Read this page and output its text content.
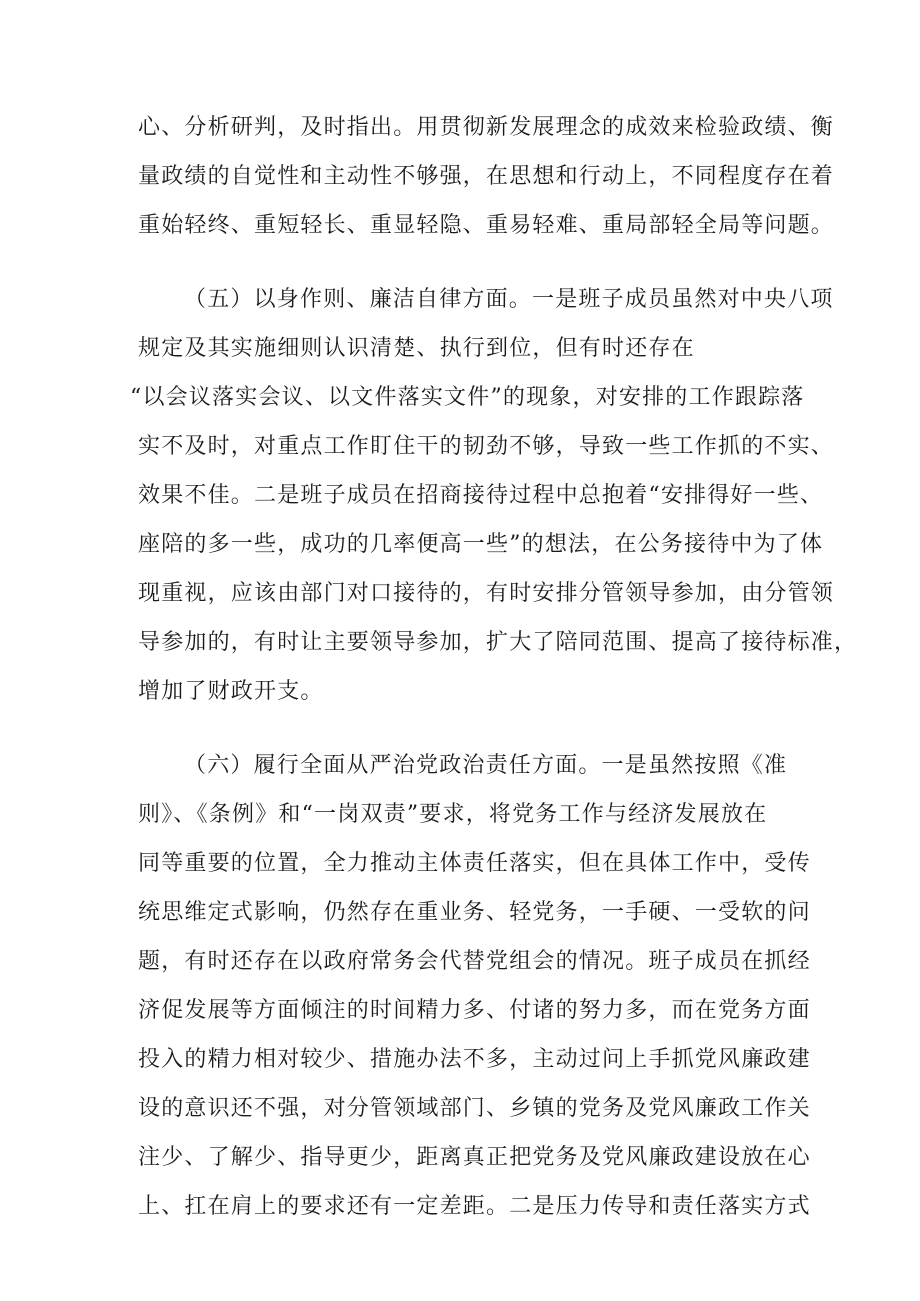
心、分析研判，及时指出。用贯彻新发展理念的成效来检验政绩、衡
量政绩的自觉性和主动性不够强，在思想和行动上，不同程度存在着
重始轻终、重短轻长、重显轻隐、重易轻难、重局部轻全局等问题。
（五）以身作则、廉洁自律方面。一是班子成员虽然对中央八项
规定及其实施细则认识清楚、执行到位，但有时还存在
“以会议落实会议、以文件落实文件”的现象，对安排的工作跟踪落
实不及时，对重点工作盯住干的韧劲不够，导致一些工作抓的不实、
效果不佳。二是班子成员在招商接待过程中总抱着“安排得好一些、
座陪的多一些，成功的几率便高一些”的想法，在公务接待中为了体
现重视，应该由部门对口接待的，有时安排分管领导参加，由分管领
导参加的，有时让主要领导参加，扩大了陪同范围、提高了接待标准，
增加了财政开支。
（六）履行全面从严治党政治责任方面。一是虽然按照《准
则》、《条例》和“一岗双责”要求，将党务工作与经济发展放在
同等重要的位置，全力推动主体责任落实，但在具体工作中，受传
统思维定式影响，仍然存在重业务、轻党务，一手硬、一受软的问
题，有时还存在以政府常务会代替党组会的情况。班子成员在抓经
济促发展等方面倾注的时间精力多、付诸的努力多，而在党务方面
投入的精力相对较少、措施办法不多，主动过问上手抓党风廉政建
设的意识还不强，对分管领域部门、乡镇的党务及党风廉政工作关
注少、了解少、指导更少，距离真正把党务及党风廉政建设放在心
上、扛在肩上的要求还有一定差距。二是压力传导和责任落实方式
